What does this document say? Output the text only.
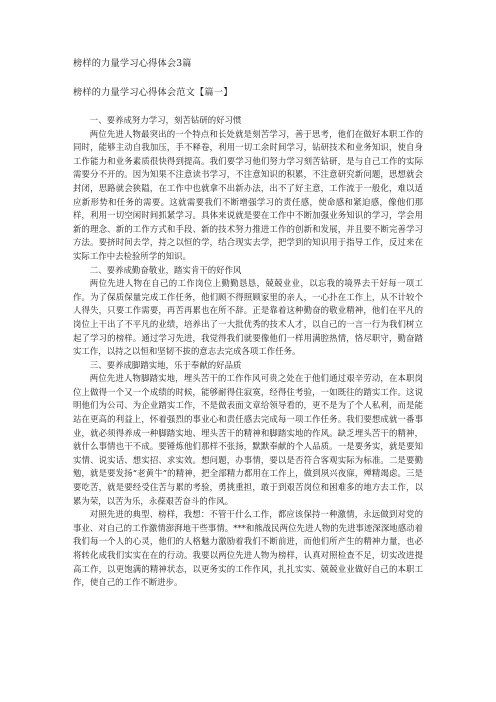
榜样的力量学习心得体会3篇
榜样的力量学习心得体会范文【篇一】

一、要养成努力学习，刻苦钻研的好习惯

两位先进人物最突出的一个特点和长处就是刻苦学习，善于思考，他们在做好本职工作的同时，能够主动自我加压，手不释卷，利用一切工余时间学习，钻研技术和业务知识，使自身工作能力和业务素质很快得到提高。我们要学习他们努力学习刻苦钻研，是与自己工作的实际需要分不开的。因为知果不注意读书学习，不注意知识的积累，不注意研究新问题，思想就会封闭，思路就会狭隘，在工作中也就拿不出新办法，出不了好主意，工作流于一般化，难以适应新形势和任务的需要。这就需要我们不断增强学习的责任感，使命感和紧迫感，像他们那样，利用一切空闲时间抓紧学习。具体来说就是要在工作中不断加强业务知识的学习，学会用新的理念、新的工作方式和手段、新的技术努力推进工作的创新和发展，并且要不断完善学习方法。要挤时间去学，持之以恒的学，结合现实去学，把学到的知识用于指导工作，反过来在实际工作中去检验所学的知识。

二、要养成勤奋敬业，踏实肯干的好作风

两位先进人物在自己的工作岗位上勤勤恳恳，兢兢业业，以忘我的境界去干好每一项工作。为了保质保量完成工作任务，他们顾不得照顾家里的亲人，一心扑在工作上，从不计较个人得失，只要工作需要，再苦再累也在所不辞。正是靠着这种勤奋的敬业精神，他们在平凡的岗位上干出了不平凡的业绩，培养出了一大批优秀的技术人才，以自己的一言一行为我们树立起了学习的榜样。通过学习先进，我觉得我们就要像他们一样用满腔热情，恪尽职守，勤奋踏实工作，以持之以恒和坚韧不拔的意志去完成各项工作任务。

三、要养成脚踏实地，乐于奉献的好品质

两位先进人物脚踏实地，埋头苦干的工作作风可贵之处在于他们通过艰辛劳动，在本职岗位上做得一个又一个成绩的时候，能够耐得住寂寞，经得住考验，一如既往的踏实工作。这说明他们为公司、为企业踏实工作，不是做表面文章给领导看的，更不是为了个人私利，而是能站在更高的利益上，怀着强烈的事业心和责任感去完成每一项工作任务。我们要想成就一番事业，就必须得养成一种脚踏实地、埋头苦干的精神和脚踏实地的作风。缺乏埋头苦干的精神，就什么事情也干不成。要锤炼他们那样不张扬，默默奉献的个人品质。一是要务实，就是要知实情、说实话、想实招、求实效。想问题，办事情，要以是否符合客观实际为标准。二是要勤勉，就是要发扬“老黄牛”的精神，把全部精力都用在工作上，做到夙兴夜寐，殚精竭虑。三是要吃苦，就是要经受住苦与累的考验，勇挑重担，敢于到艰苦岗位和困难多的地方去工作，以累为荣，以苦为乐，永葆艰苦奋斗的作风。

对照先进的典型、榜样，我想：不管干什么工作，都应该保持一种激情，永远做到对党的事业、对自己的工作激情澎湃地干些事情。***和熊战民两位先进人物的先进事迹深深地感动着我们每一个人的心灵，他们的人格魅力激励着我们不断前进，而他们所产生的精神力量，也必将转化成我们实实在在的行动。我要以两位先进人物为榜样，认真对照检查不足，切实改进提高工作，以更饱满的精神状态，以更务实的工作作风，扎扎实实、兢兢业业做好自己的本职工作，使自己的工作不断进步。
